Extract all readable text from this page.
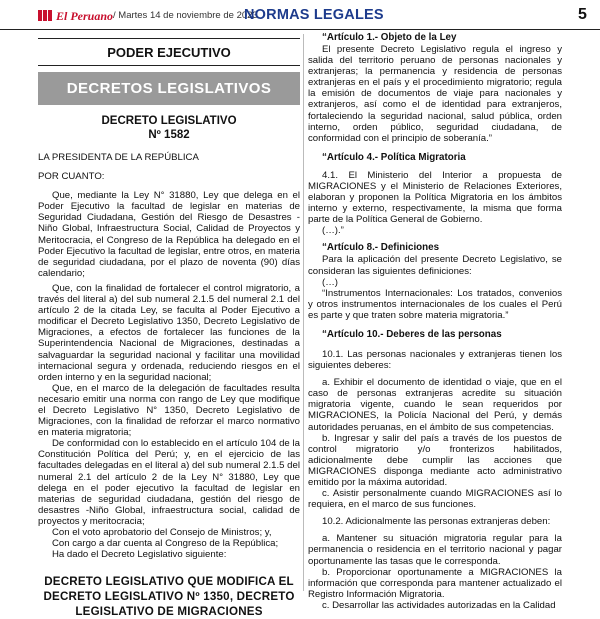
El Peruano / Martes 14 de noviembre de 2023
NORMAS LEGALES	5
PODER EJECUTIVO
DECRETOS LEGISLATIVOS
DECRETO LEGISLATIVO
Nº 1582
LA PRESIDENTA DE LA REPÚBLICA
POR CUANTO:
Que, mediante la Ley N° 31880, Ley que delega en el Poder Ejecutivo la facultad de legislar en materias de Seguridad Ciudadana, Gestión del Riesgo de Desastres - Niño Global, Infraestructura Social, Calidad de Proyectos y Meritocracia, el Congreso de la República ha delegado en el Poder Ejecutivo la facultad de legislar, entre otros, en materia de seguridad ciudadana, por el plazo de noventa (90) días calendario;
Que, con la finalidad de fortalecer el control migratorio, a través del literal a) del sub numeral 2.1.5 del numeral 2.1 del artículo 2 de la citada Ley, se faculta al Poder Ejecutivo a modificar el Decreto Legislativo 1350, Decreto Legislativo de Migraciones, a efectos de fortalecer las funciones de la Superintendencia Nacional de Migraciones, destinadas a salvaguardar la seguridad nacional y facilitar una movilidad internacional segura y ordenada, reduciendo riesgos en el orden interno y en la seguridad nacional;
Que, en el marco de la delegación de facultades resulta necesario emitir una norma con rango de Ley que modifique el Decreto Legislativo N° 1350, Decreto Legislativo de Migraciones, con la finalidad de reforzar el marco normativo en materia migratoria;
De conformidad con lo establecido en el artículo 104 de la Constitución Política del Perú; y, en el ejercicio de las facultades delegadas en el literal a) del sub numeral 2.1.5 del numeral 2.1 del artículo 2 de la Ley N° 31880, Ley que delega en el poder ejecutivo la facultad de legislar en materias de seguridad ciudadana, gestión del riesgo de desastres -Niño Global, infraestructura social, calidad de proyectos y meritocracia;
Con el voto aprobatorio del Consejo de Ministros; y,
Con cargo a dar cuenta al Congreso de la República;
Ha dado el Decreto Legislativo siguiente:
DECRETO LEGISLATIVO QUE MODIFICA EL
DECRETO LEGISLATIVO Nº 1350, DECRETO
LEGISLATIVO DE MIGRACIONES
“Artículo 1.- Objeto de la Ley
El presente Decreto Legislativo regula el ingreso y salida del territorio peruano de personas nacionales y extranjeras; la permanencia y residencia de personas extranjeras en el país y el procedimiento migratorio; regula la emisión de documentos de viaje para nacionales y extranjeros, así como el de identidad para extranjeros, fortaleciendo la seguridad nacional, salud pública, orden interno, orden público, seguridad ciudadana, de conformidad con el principio de soberanía.”
“Artículo 4.- Política Migratoria
4.1. El Ministerio del Interior a propuesta de MIGRACIONES y el Ministerio de Relaciones Exteriores, elaboran y proponen la Política Migratoria en los ámbitos interno y externo, respectivamente, la misma que forma parte de la Política General de Gobierno.
(…).”
“Artículo 8.- Definiciones
Para la aplicación del presente Decreto Legislativo, se consideran las siguientes definiciones:
(…)
“Instrumentos Internacionales: Los tratados, convenios y otros instrumentos internacionales de los cuales el Perú es parte y que traten sobre materia migratoria.”
“Artículo 10.- Deberes de las personas
10.1. Las personas nacionales y extranjeras tienen los siguientes deberes:
a. Exhibir el documento de identidad o viaje, que en el caso de personas extranjeras acredite su situación migratoria vigente, cuando le sean requeridos por MIGRACIONES, la Policía Nacional del Perú, y demás autoridades peruanas, en el ámbito de sus competencias.
b. Ingresar y salir del país a través de los puestos de control migratorio y/o fronterizos habilitados, adicionalmente debe cumplir las acciones que MIGRACIONES disponga mediante acto administrativo emitido por la máxima autoridad.
c. Asistir personalmente cuando MIGRACIONES así lo requiera, en el marco de sus funciones.
10.2. Adicionalmente las personas extranjeras deben:
a. Mantener su situación migratoria regular para la permanencia o residencia en el territorio nacional y pagar oportunamente las tasas que le corresponda.
b. Proporcionar oportunamente a MIGRACIONES la información que corresponda para mantener actualizado el Registro Información Migratoria.
c. Desarrollar las actividades autorizadas en la Calidad
